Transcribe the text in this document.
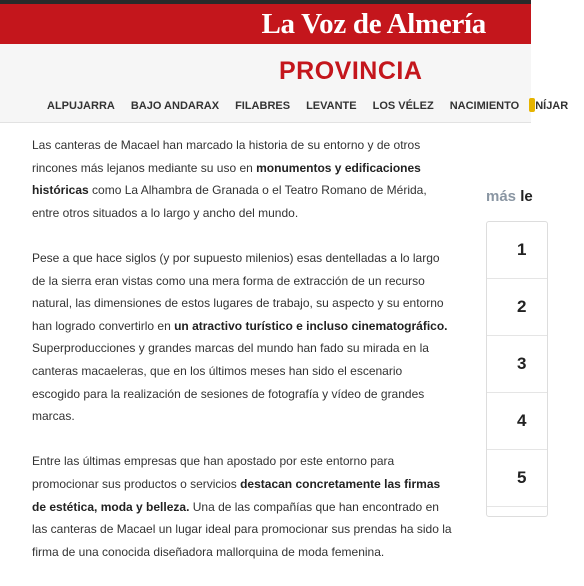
La Voz de Almería
PROVINCIA
ALPUJARRA BAJO ANDARAX FILABRES LEVANTE LOS VÉLEZ NACIMIENTO NÍJAR

Las canteras de Macael han marcado la historia de su entorno y de otros rincones más lejanos mediante su uso en monumentos y edificaciones históricas como La Alhambra de Granada o el Teatro Romano de Mérida, entre otros situados a lo largo y ancho del mundo.

Pese a que hace siglos (y por supuesto milenios) esas dentelladas a lo largo de la sierra eran vistas como una mera forma de extracción de un recurso natural, las dimensiones de estos lugares de trabajo, su aspecto y su entorno han logrado convertirlo en un atractivo turístico e incluso cinematográfico. Superproducciones y grandes marcas del mundo han fado su mirada en la canteras macaeleras, que en los últimos meses han sido el escenario escogido para la realización de sesiones de fotografía y vídeo de grandes marcas.

Entre las últimas empresas que han apostado por este entorno para promocionar sus productos o servicios destacan concretamente las firmas de estética, moda y belleza. Una de las compañías que han encontrado en las canteras de Macael un lugar ideal para promocionar sus prendas ha sido la firma de una conocida diseñadora mallorquina de moda femenina.

más le
1
2
3
4
5
